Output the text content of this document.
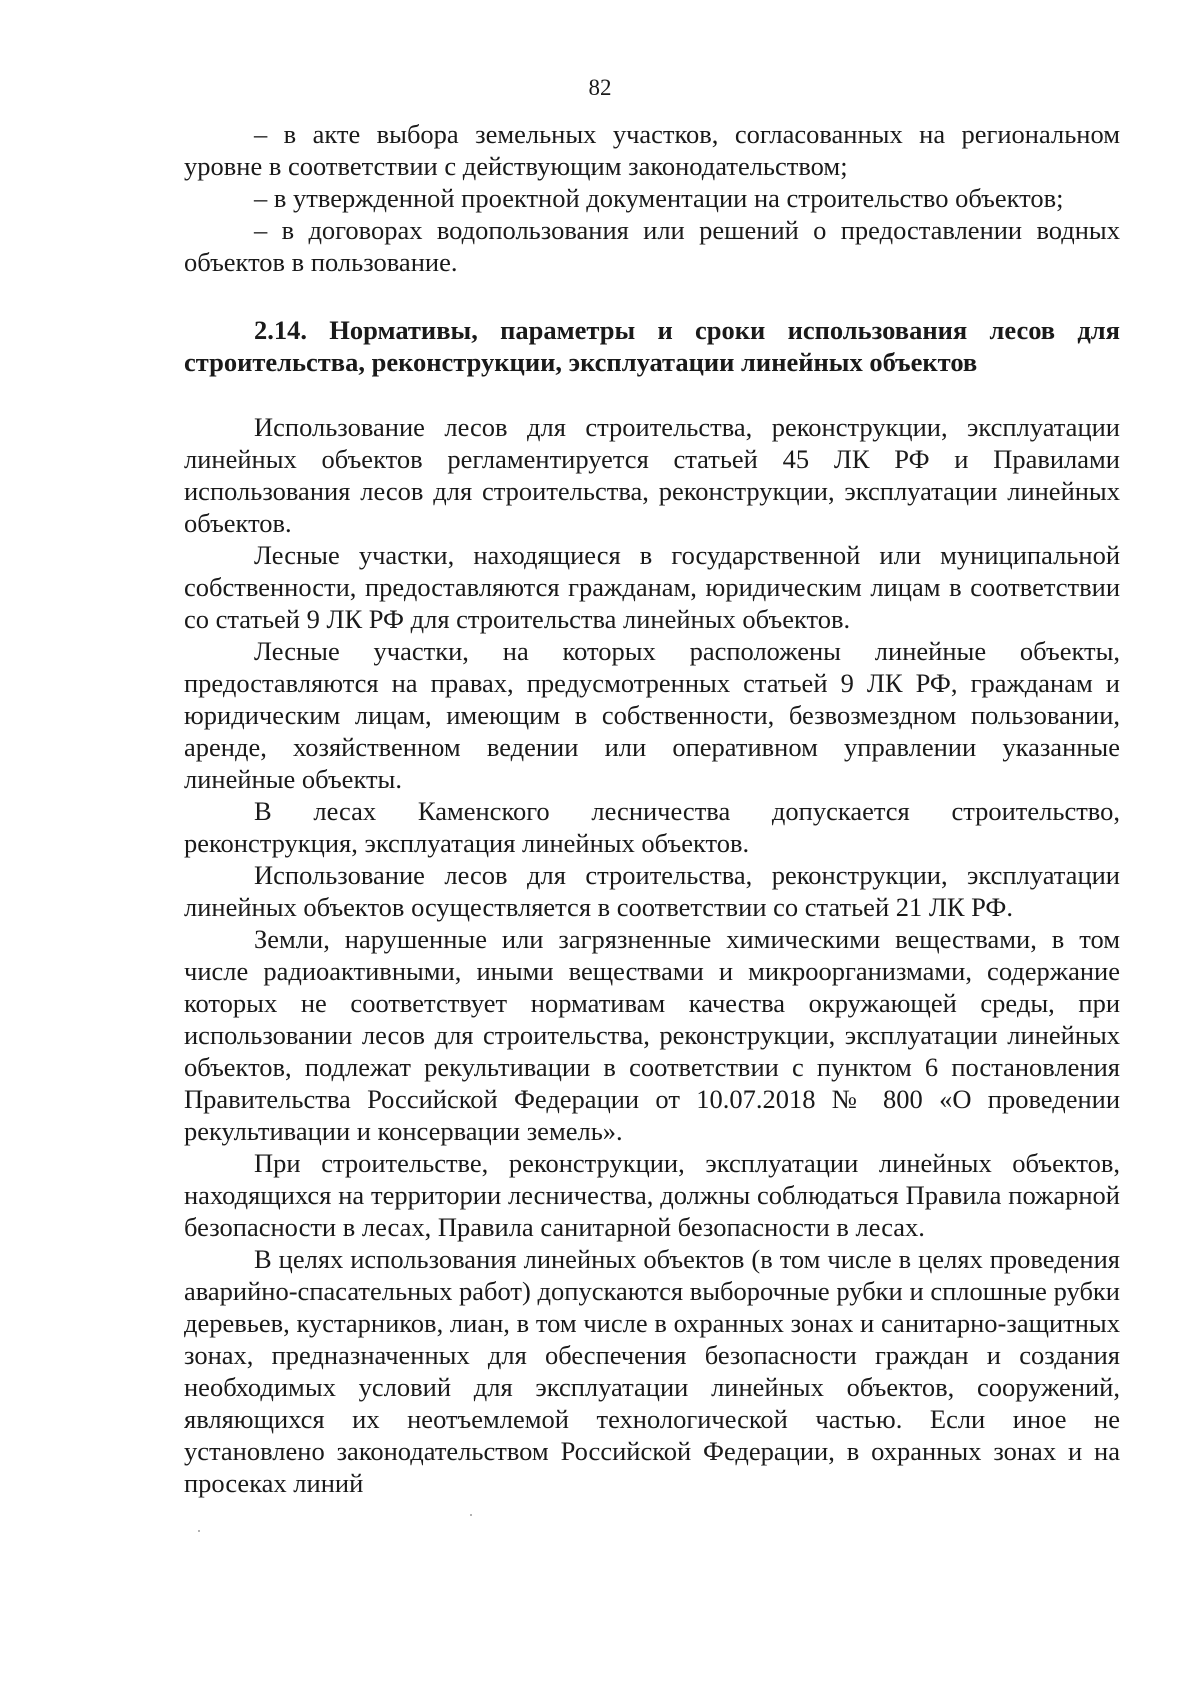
82

– в акте выбора земельных участков, согласованных на региональном уровне в соответствии с действующим законодательством;

– в утвержденной проектной документации на строительство объектов;

– в договорах водопользования или решений о предоставлении водных объектов в пользование.

2.14. Нормативы, параметры и сроки использования лесов для строительства, реконструкции, эксплуатации линейных объектов

Использование лесов для строительства, реконструкции, эксплуатации линейных объектов регламентируется статьей 45 ЛК РФ и Правилами использования лесов для строительства, реконструкции, эксплуатации линейных объектов.

Лесные участки, находящиеся в государственной или муниципальной собственности, предоставляются гражданам, юридическим лицам в соответствии со статьей 9 ЛК РФ для строительства линейных объектов.

Лесные участки, на которых расположены линейные объекты, предоставляются на правах, предусмотренных статьей 9 ЛК РФ, гражданам и юридическим лицам, имеющим в собственности, безвозмездном пользовании, аренде, хозяйственном ведении или оперативном управлении указанные линейные объекты.

В лесах Каменского лесничества допускается строительство, реконструкция, эксплуатация линейных объектов.

Использование лесов для строительства, реконструкции, эксплуатации линейных объектов осуществляется в соответствии со статьей 21 ЛК РФ.

Земли, нарушенные или загрязненные химическими веществами, в том числе радиоактивными, иными веществами и микроорганизмами, содержание которых не соответствует нормативам качества окружающей среды, при использовании лесов для строительства, реконструкции, эксплуатации линейных объектов, подлежат рекультивации в соответствии с пунктом 6 постановления Правительства Российской Федерации от 10.07.2018 № 800 «О проведении рекультивации и консервации земель».

При строительстве, реконструкции, эксплуатации линейных объектов, находящихся на территории лесничества, должны соблюдаться Правила пожарной безопасности в лесах, Правила санитарной безопасности в лесах.

В целях использования линейных объектов (в том числе в целях проведения аварийно-спасательных работ) допускаются выборочные рубки и сплошные рубки деревьев, кустарников, лиан, в том числе в охранных зонах и санитарно-защитных зонах, предназначенных для обеспечения безопасности граждан и создания необходимых условий для эксплуатации линейных объектов, сооружений, являющихся их неотъемлемой технологической частью. Если иное не установлено законодательством Российской Федерации, в охранных зонах и на просеках линий
